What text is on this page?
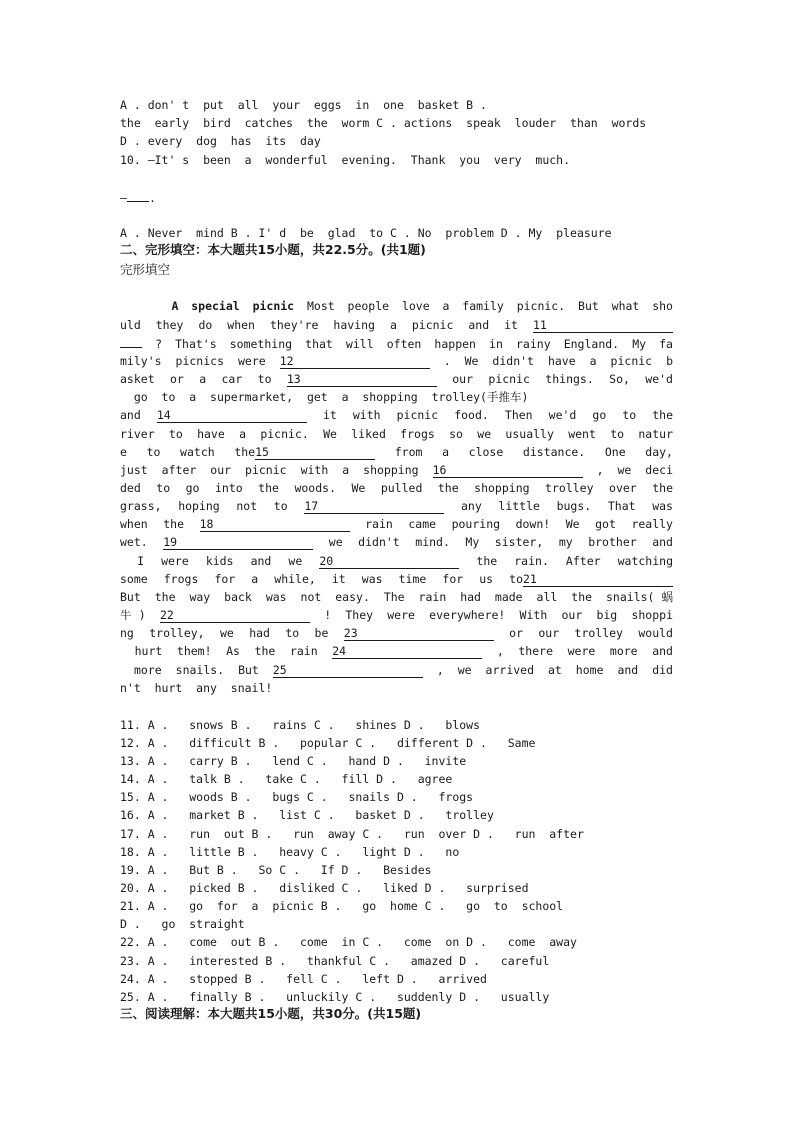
A . don' t  put  all  your  eggs  in  one  basket B .
the  early  bird  catches  the  worm C . actions  speak  louder  than  words
D . every  dog  has  its  day
10. —It' s  been  a  wonderful  evening.  Thank  you  very  much.
— .
A . Never  mind B . I' d  be  glad  to C . No  problem D . My  pleasure
二、完形填空：本大题共15小题，共22.5分。(共1题)
完形填空
A special picnic Most people love a family picnic. But what sho
uld they do when they're having a picnic and it 11
? That's something that will often happen in rainy England. My fa
mily's picnics were 12	. We didn't have a picnic b
asket or a car to 13	our picnic things. So, we'd
go  to  a  supermarket,  get  a  shopping  trolley(手推车)
and 14	it with picnic food. Then we'd go to the
river to have a picnic. We liked frogs so we usually went to natur
e to watch the15	from a close distance. One day,
just after our picnic with a shopping 16	, we deci
ded to go into the woods. We pulled the shopping trolley over the
grass, hoping not to 17	any little bugs. That was
when the 18	rain came pouring down! We got really
wet. 19	we didn't mind. My sister, my brother and
I were kids and we 20	the rain. After watching
some frogs for a while, it was time for us to21
But the way back was not easy. The rain had made all the snails(蜗
牛) 22	! They were everywhere! With our big shoppi
ng trolley, we had to be 23	or our trolley would
hurt them! As the rain 24	, there were more and
more snails. But 25	, we arrived at home and did
n't  hurt  any  snail!
11. A .   snows B .   rains C .   shines D .   blows
12. A .   difficult B .   popular C .   different D .   Same
13. A .   carry B .   lend C .   hand D .   invite
14. A .   talk B .   take C .   fill D .   agree
15. A .   woods B .   bugs C .   snails D .   frogs
16. A .   market B .   list C .   basket D .   trolley
17. A .   run  out B .   run  away C .   run  over D .   run  after
18. A .   little B .   heavy C .   light D .   no
19. A .   But B .   So C .   If D .   Besides
20. A .   picked B .   disliked C .   liked D .   surprised
21. A .   go  for  a  picnic B .   go  home C .   go  to  school
D .   go  straight
22. A .   come  out B .   come  in C .   come  on D .   come  away
23. A .   interested B .   thankful C .   amazed D .   careful
24. A .   stopped B .   fell C .   left D .   arrived
25. A .   finally B .   unluckily C .   suddenly D .   usually
三、阅读理解：本大题共15小题，共30分。(共15题)
